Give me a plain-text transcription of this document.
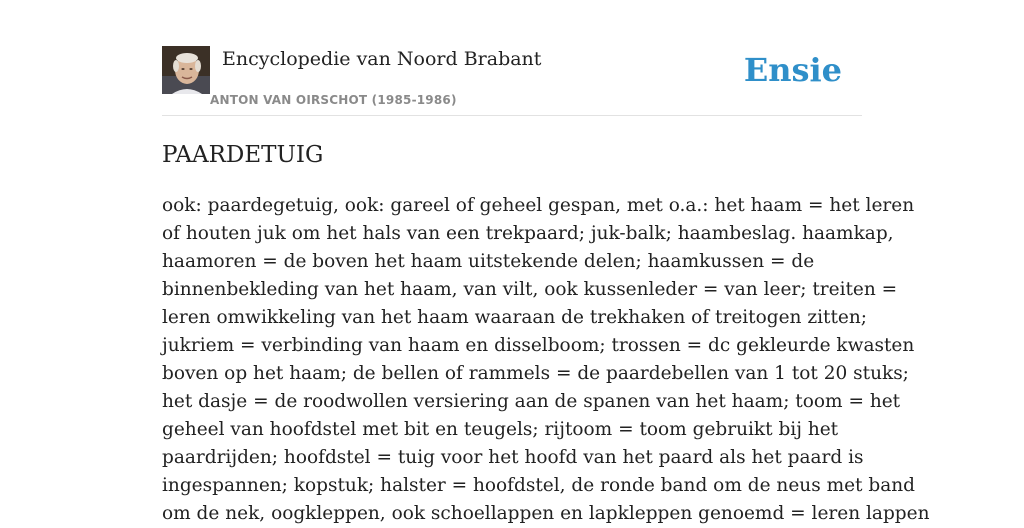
Encyclopedie van Noord Brabant
ANTON VAN OIRSCHOT (1985-1986)
Ensie
PAARDETUIG
ook: paardegetuig, ook: gareel of geheel gespan, met o.a.: het haam = het leren
of houten juk om het hals van een trekpaard; juk-balk; haambeslag. haamkap,
haamoren = de boven het haam uitstekende delen; haamkussen = de
binnenbekleding van het haam, van vilt, ook kussenleder = van leer; treiten =
leren omwikkeling van het haam waaraan de trekhaken of treitogen zitten;
jukriem = verbinding van haam en disselboom; trossen = dc gekleurde kwasten
boven op het haam; de bellen of rammels = de paardebellen van 1 tot 20 stuks;
het dasje = de roodwollen versiering aan de spanen van het haam; toom = het
geheel van hoofdstel met bit en teugels; rijtoom = toom gebruikt bij het
paardrijden; hoofdstel = tuig voor het hoofd van het paard als het paard is
ingespannen; kopstuk; halster = hoofdstel, de ronde band om de neus met band
om de nek, oogkleppen, ook schoellappen en lapkleppen genoemd = leren lappen
